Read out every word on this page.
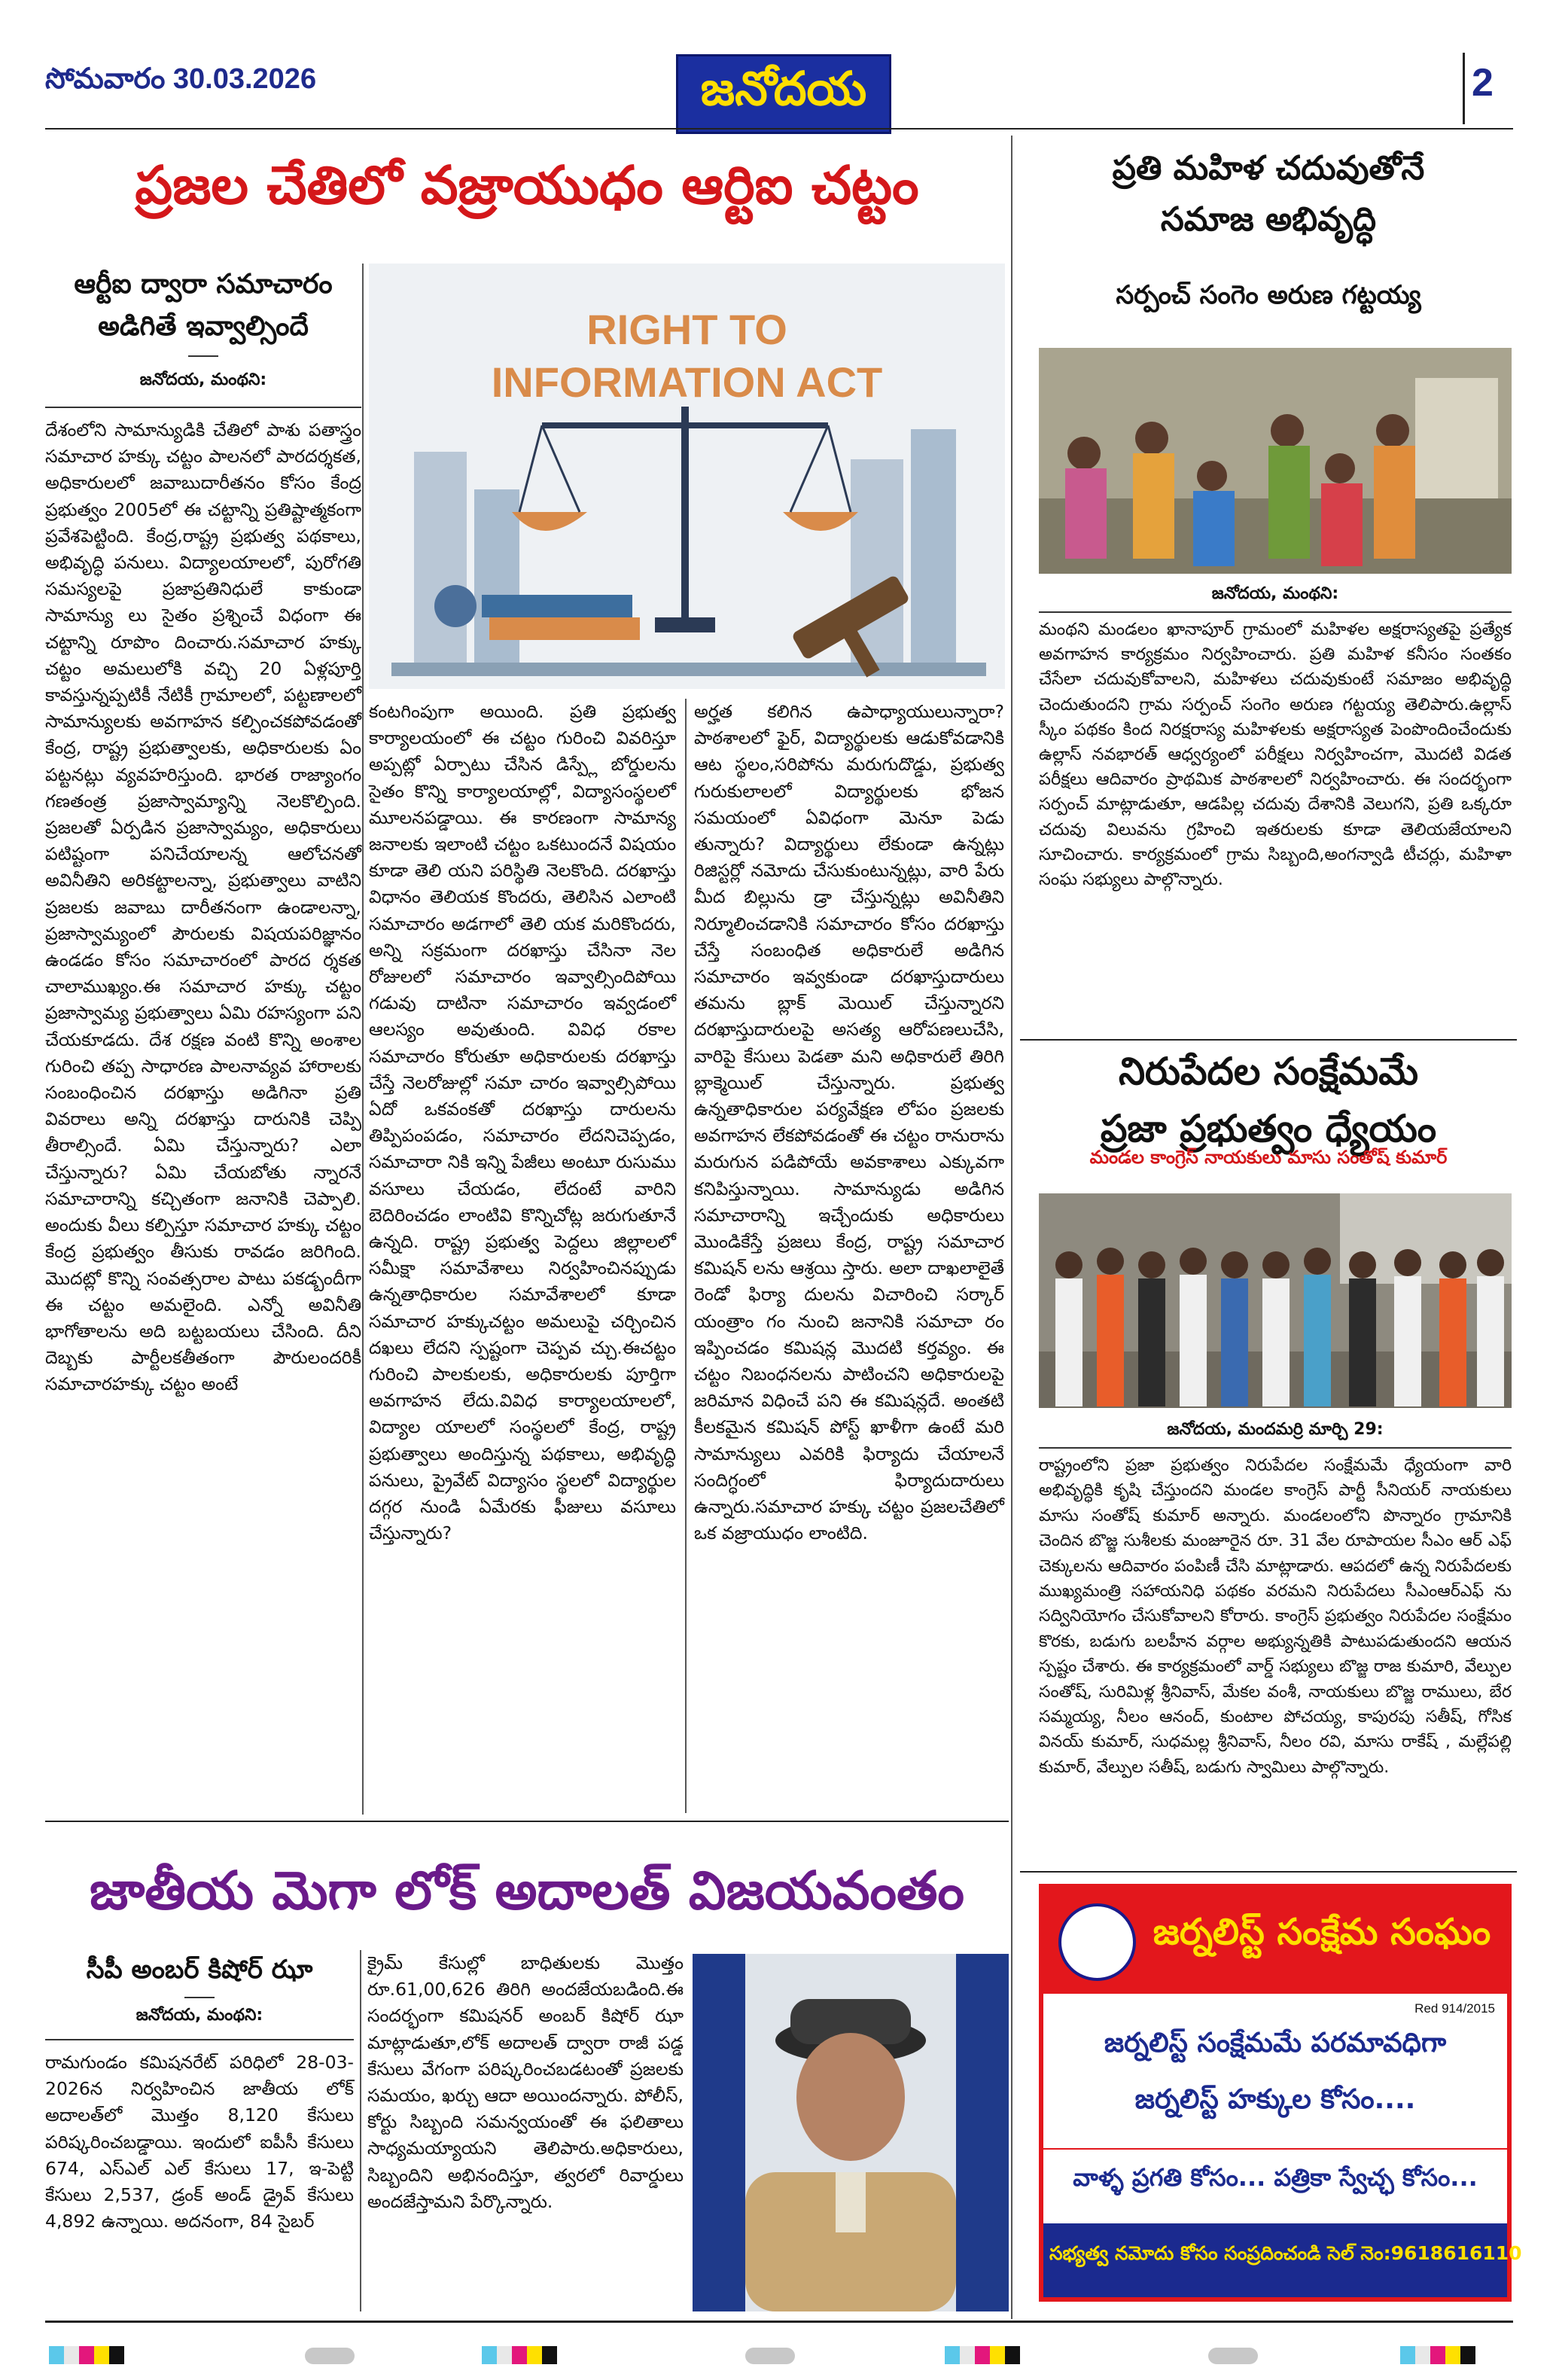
సోమవారం 30.03.2026	జనోదయ	2
ప్రజల చేతిలో వజ్రాయుధం ఆర్టిఐ చట్టం
ఆర్టీఐ ద్వారా సమాచారం
అడిగితే ఇవ్వాల్సిందే
జనోదయ, మంథని:

దేశంలోని సామాన్యుడికి చేతిలో పాశు పతాస్త్రం సమాచార హక్కు చట్టం పాలనలో పారదర్శకత, అధికారులలో జవాబుదారీతనం కోసం కేంద్ర ప్రభుత్వం 2005లో ఈ చట్టాన్ని ప్రతిష్టాత్మకంగా ప్రవేశపెట్టింది. కేంద్ర,రాష్ట్ర ప్రభుత్వ పథకాలు, అభివృద్ధి పనులు. విద్యాలయాలలో, పురోగతి సమస్యలపై ప్రజాప్రతినిధులే కాకుండా సామాన్యు లు సైతం ప్రశ్నించే విధంగా ఈ చట్టాన్ని రూపొం దించారు.సమాచార హక్కు చట్టం అమలులోకి వచ్చి 20 ఏళ్లపూర్తి కావస్తున్నప్పటికీ నేటికీ గ్రామాలలో, పట్టణాలలో సామాన్యులకు అవగాహన కల్పించకపోవడంతో కేంద్ర, రాష్ట్ర ప్రభుత్వాలకు, అధికారులకు ఏం పట్టనట్లు వ్యవహరిస్తుంది. భారత రాజ్యాంగం గణతంత్ర ప్రజాస్వామ్యాన్ని నెలకొల్పింది. ప్రజలతో ఏర్పడిన ప్రజాస్వామ్యం, అధికారులు పటిష్టంగా పనిచేయాలన్న ఆలోచనతో అవినీతిని అరికట్టాలన్నా, ప్రభుత్వాలు వాటిని ప్రజలకు జవాబు దారీతనంగా ఉండాలన్నా, ప్రజాస్వామ్యంలో పౌరులకు విషయపరిజ్ఞానం ఉండడం కోసం సమాచారంలో పారద ర్శకత చాలాముఖ్యం.ఈ సమాచార హక్కు చట్టం ప్రజాస్వామ్య ప్రభుత్వాలు ఏమి రహస్యంగా పని చేయకూడదు. దేశ రక్షణ వంటి కొన్ని అంశాల గురించి తప్ప సాధారణ పాలనావ్యవ హారాలకు సంబంధించిన దరఖాస్తు అడిగినా ప్రతి వివరాలు అన్ని దరఖాస్తు దారునికి చెప్పి తీరాల్సిందే. ఏమి చేస్తున్నారు? ఎలా చేస్తున్నారు? ఏమి చేయబోతు న్నారనే సమాచారాన్ని కచ్చితంగా జనానికి చెప్పాలి. అందుకు వీలు కల్పిస్తూ సమాచార హక్కు చట్టం కేంద్ర ప్రభుత్వం తీసుకు రావడం జరిగింది. మొదట్లో కొన్ని సంవత్సరాల పాటు పకడ్బందీగా ఈ చట్టం అమలైంది. ఎన్నో అవినీతి భాగోతాలను అది బట్టబయలు చేసింది. దీని దెబ్బకు పార్టీలకతీతంగా పౌరులందరికీ సమాచారహక్కు చట్టం అంటే

RIGHT TO
INFORMATION ACT

కంటగింపుగా అయింది. ప్రతి ప్రభుత్వ కార్యాలయంలో ఈ చట్టం గురించి వివరిస్తూ అప్పట్లో ఏర్పాటు చేసిన డిస్ప్లే బోర్డులను సైతం కొన్ని కార్యాలయాల్లో, విద్యాసంస్థలలో మూలనపడ్డాయి. ఈ కారణంగా సామాన్య జనాలకు ఇలాంటి చట్టం ఒకటుందనే విషయం కూడా తెలి యని పరిస్థితి నెలకొంది. దరఖాస్తు విధానం తెలియక కొందరు, తెలిసిన ఎలాంటి సమాచారం అడగాలో తెలి యక మరికొందరు, అన్ని సక్రమంగా దరఖాస్తు చేసినా నెల రోజులలో సమాచారం ఇవ్వాల్సిందిపోయి గడువు దాటినా సమాచారం ఇవ్వడంలో ఆలస్యం అవుతుంది. వివిధ రకాల సమాచారం కోరుతూ అధికారులకు దరఖాస్తు చేస్తే నెలరోజుల్లో సమా చారం ఇవ్వాల్సిపోయి ఏదో ఒకవంకతో దరఖాస్తు దారులను తిప్పిపంపడం, సమాచారం లేదనిచెప్పడం, సమాచారా నికి ఇన్ని పేజీలు అంటూ రుసుము వసూలు చేయడం, లేదంటే వారిని బెదిరించడం లాంటివి కొన్నిచోట్ల జరుగుతూనే ఉన్నది. రాష్ట్ర ప్రభుత్వ పెద్దలు జిల్లాలలో సమీక్షా సమావేశాలు నిర్వహించినప్పుడు ఉన్నతాధికారుల సమావేశాలలో కూడా సమాచార హక్కుచట్టం అమలుపై చర్చించిన దఖలు లేదని స్పష్టంగా చెప్పవ చ్చు.ఈచట్టం గురించి పాలకులకు, అధికారులకు పూర్తిగా అవగాహన లేదు.వివిధ కార్యాలయాలలో, విద్యాల యాలలో సంస్థలలో కేంద్ర, రాష్ట్ర ప్రభుత్వాలు అందిస్తున్న పథకాలు, అభివృద్ధి పనులు, ప్రైవేట్ విద్యాసం స్థలలో విద్యార్థుల దగ్గర నుండి ఏమేరకు ఫీజులు వసూలు చేస్తున్నారు?

అర్హత కలిగిన ఉపాధ్యాయులున్నారా? పాఠశాలలో ఫైర్, విద్యార్థులకు ఆడుకోవడానికి ఆట స్థలం,సరిపోను మరుగుదొడ్డు, ప్రభుత్వ గురుకులాలలో విద్యార్థులకు భోజన సమయంలో ఏవిధంగా మెనూ పెడు తున్నారు? విద్యార్థులు లేకుండా ఉన్నట్లు రిజిస్టర్లో నమోదు చేసుకుంటున్నట్లు, వారి పేరు మీద బిల్లును డ్రా చేస్తున్నట్లు అవినీతిని నిర్మూలించడానికి సమాచారం కోసం దరఖాస్తు చేస్తే సంబంధిత అధికారులే అడిగిన సమాచారం ఇవ్వకుండా దరఖాస్తుదారులు తమను బ్లాక్ మెయిల్ చేస్తున్నారని దరఖాస్తుదారులపై అసత్య ఆరోపణలుచేసి, వారిపై కేసులు పెడతా మని అధికారులే తిరిగి బ్లాక్మెయిల్ చేస్తున్నారు. ప్రభుత్వ ఉన్నతాధికారుల పర్యవేక్షణ లోపం ప్రజలకు అవగాహన లేకపోవడంతో ఈ చట్టం రానురాను మరుగున పడిపోయే అవకాశాలు ఎక్కువగా కనిపిస్తున్నాయి. సామాన్యుడు అడిగిన సమాచారాన్ని ఇచ్చేందుకు అధికారులు మొండికేస్తే ప్రజలు కేంద్ర, రాష్ట్ర సమాచార కమిషన్ లను ఆశ్రయి స్తారు. అలా దాఖలాలైతే రెండో ఫిర్యా దులను విచారించి సర్కార్ యంత్రాం గం నుంచి జనానికి సమాచా రం ఇప్పించడం కమిషన్ల మొదటి కర్తవ్యం. ఈ చట్టం నిబంధనలను పాటించని అధికారులపై జరిమాన విధించే పని ఈ కమిషన్లదే. అంతటి కీలకమైన కమిషన్ పోస్ట్ ఖాళీగా ఉంటే మరి సామాన్యులు ఎవరికి ఫిర్యాదు చేయాలనే సందిగ్ధంలో ఫిర్యాదుదారులు ఉన్నారు.సమాచార హక్కు చట్టం ప్రజలచేతిలో ఒక వజ్రాయుధం లాంటిది.

జాతీయ మెగా లోక్ అదాలత్ విజయవంతం
సీపీ అంబర్ కిషోర్ ఝా
జనోదయ, మంథని:

రామగుండం కమిషనరేట్ పరిధిలో 28-03-2026న నిర్వహించిన జాతీయ లోక్ అదాలత్‌లో మొత్తం 8,120 కేసులు పరిష్కరించబడ్డాయి. ఇందులో ఐపీసీ కేసులు 674, ఎస్ఎల్ ఎల్ కేసులు 17, ఇ-పెట్టి కేసులు 2,537, డ్రంక్ అండ్ డ్రైవ్ కేసులు 4,892 ఉన్నాయి. అదనంగా, 84 సైబర్

క్రైమ్ కేసుల్లో బాధితులకు మొత్తం రూ.61,00,626 తిరిగి అందజేయబడింది.ఈ సందర్భంగా కమిషనర్ అంబర్ కిషోర్ ఝా మాట్లాడుతూ,లోక్ అదాలత్ ద్వారా రాజీ పడ్డ కేసులు వేగంగా పరిష్కరించబడటంతో ప్రజలకు సమయం, ఖర్చు ఆదా అయిందన్నారు. పోలీస్, కోర్టు సిబ్బంది సమన్వయంతో ఈ ఫలితాలు సాధ్యమయ్యాయని తెలిపారు.అధికారులు, సిబ్బందిని అభినందిస్తూ, త్వరలో రివార్డులు అందజేస్తామని పేర్కొన్నారు.

ప్రతి మహిళ చదువుతోనే
సమాజ అభివృద్ధి
సర్పంచ్ సంగెం అరుణ గట్టయ్య
జనోదయ, మంథని:

మంథని మండలం ఖానాపూర్ గ్రామంలో మహిళల అక్షరాస్యతపై ప్రత్యేక అవగాహన కార్యక్రమం నిర్వహించారు. ప్రతి మహిళ కనీసం సంతకం చేసేలా చదువుకోవాలని, మహిళలు చదువుకుంటే సమాజం అభివృద్ధి చెందుతుందని గ్రామ సర్పంచ్ సంగెం అరుణ గట్టయ్య తెలిపారు.ఉల్లాస్ స్కీం పథకం కింద నిరక్షరాస్య మహిళలకు అక్షరాస్యత పెంపొందించేందుకు ఉల్లాస్ నవభారత్ ఆధ్వర్యంలో పరీక్షలు నిర్వహించగా, మొదటి విడత పరీక్షలు ఆదివారం ప్రాథమిక పాఠశాలలో నిర్వహించారు. ఈ సందర్భంగా సర్పంచ్ మాట్లాడుతూ, ఆడపిల్ల చదువు దేశానికి వెలుగని, ప్రతి ఒక్కరూ చదువు విలువను గ్రహించి ఇతరులకు కూడా తెలియజేయాలని సూచించారు. కార్యక్రమంలో గ్రామ సిబ్బంది,అంగన్వాడి టీచర్లు, మహిళా సంఘ సభ్యులు పాల్గొన్నారు.

నిరుపేదల సంక్షేమమే
ప్రజా ప్రభుత్వం ధ్యేయం
మండల కాంగ్రెస్ నాయకులు మాసు సంతోష్ కుమార్
జనోదయ, మందమర్రి మార్చి 29:

రాష్ట్రంలోని ప్రజా ప్రభుత్వం నిరుపేదల సంక్షేమమే ధ్యేయంగా వారి అభివృద్ధికి కృషి చేస్తుందని మండల కాంగ్రెస్ పార్టీ సీనియర్ నాయకులు మాసు సంతోష్ కుమార్ అన్నారు. మండలంలోని పొన్నారం గ్రామానికి చెందిన బొజ్జ సుశీలకు మంజూరైన రూ. 31 వేల రూపాయల సీఎం ఆర్ ఎఫ్ చెక్కులను ఆదివారం పంపిణీ చేసి మాట్లాడారు. ఆపదలో ఉన్న నిరుపేదలకు ముఖ్యమంత్రి సహాయనిధి పథకం వరమని నిరుపేదలు సీఎంఆర్ఎఫ్ ను సద్వినియోగం చేసుకోవాలని కోరారు. కాంగ్రెస్ ప్రభుత్వం నిరుపేదల సంక్షేమం కొరకు, బడుగు బలహీన వర్గాల అభ్యున్నతికి పాటుపడుతుందని ఆయన స్పష్టం చేశారు. ఈ కార్యక్రమంలో వార్డ్ సభ్యులు బొజ్జ రాజ కుమారి, వేల్పుల సంతోష్, సురిమిళ్ల శ్రీనివాస్, మేకల వంశీ, నాయకులు బొజ్జ రాములు, బేర సమ్మయ్య, నీలం ఆనంద్, కుంటాల పోచయ్య, కాపురపు సతీష్, గోసిక వినయ్ కుమార్, సుధమల్ల శ్రీనివాస్, నీలం రవి, మాసు రాకేష్ , మల్లేపల్లి కుమార్, వేల్పుల సతీష్, బడుగు స్వామిలు పాల్గొన్నారు.

జర్నలిస్ట్ సంక్షేమ సంఘం
Red 914/2015
జర్నలిస్ట్ సంక్షేమమే పరమావధిగా
జర్నలిస్ట్ హక్కుల కోసం....
వాళ్ళ ప్రగతి కోసం... పత్రికా స్వేచ్ఛ కోసం...
సభ్యత్వ నమోదు కోసం సంప్రదించండి సెల్ నెం:9618616110
